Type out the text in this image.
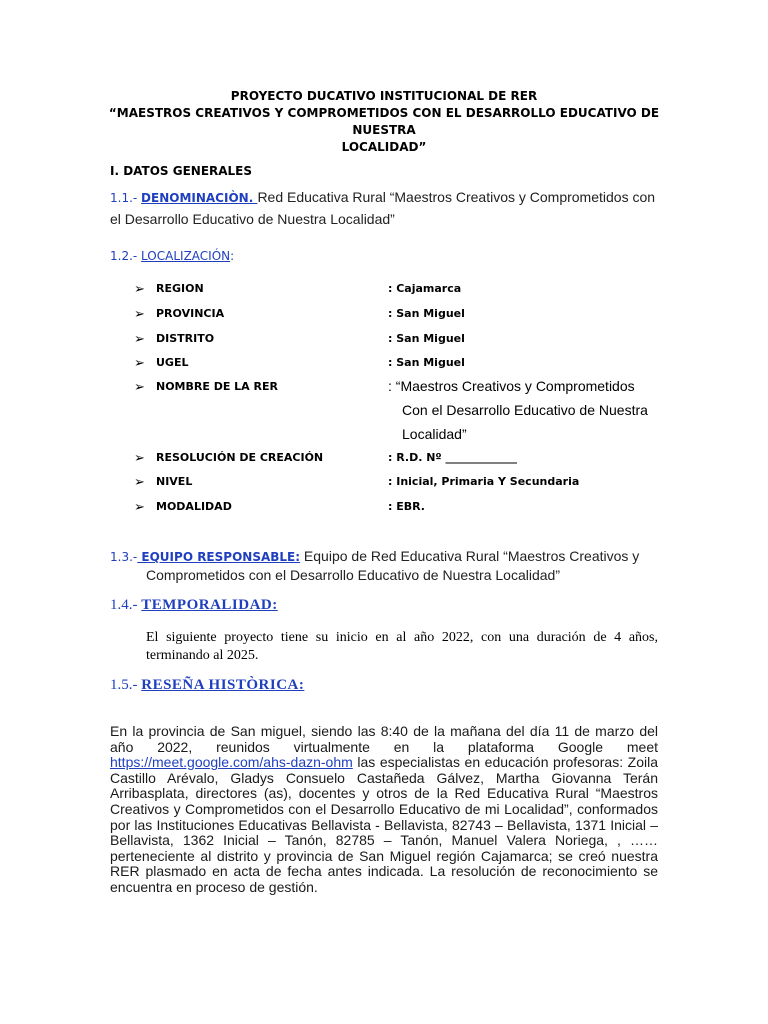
PROYECTO DUCATIVO INSTITUCIONAL DE RER
“MAESTROS CREATIVOS Y COMPROMETIDOS CON EL DESARROLLO EDUCATIVO DE NUESTRA
LOCALIDAD”
I. DATOS GENERALES
1.1.- DENOMINACIÒN. Red Educativa Rural “Maestros Creativos y Comprometidos con
el Desarrollo Educativo de Nuestra Localidad”
1.2.- LOCALIZACIÓN:
➢ REGION	: Cajamarca
➢ PROVINCIA	: San Miguel
➢ DISTRITO	: San Miguel
➢ UGEL	: San Miguel
➢ NOMBRE DE LA RER	: “Maestros Creativos y Comprometidos
Con el Desarrollo Educativo de Nuestra
Localidad”
➢ RESOLUCIÓN DE CREACIÓN	: R.D. Nº _____________
➢ NIVEL	: Inicial, Primaria Y Secundaria
➢ MODALIDAD	: EBR.
1.3.- EQUIPO RESPONSABLE: Equipo de Red Educativa Rural “Maestros Creativos y
Comprometidos con el Desarrollo Educativo de Nuestra Localidad”
1.4.- TEMPORALIDAD:
El siguiente proyecto tiene su inicio en al año 2022, con una duración de 4 años, terminando al 2025.
1.5.- RESEÑA HISTÒRICA:
En la provincia de San miguel, siendo las 8:40 de la mañana del día 11 de marzo del año 2022, reunidos virtualmente en la plataforma Google meet https://meet.google.com/ahs-dazn-ohm las especialistas en educación profesoras: Zoila Castillo Arévalo, Gladys Consuelo Castañeda Gálvez, Martha Giovanna Terán Arribasplata, directores (as), docentes y otros de la Red Educativa Rural “Maestros Creativos y Comprometidos con el Desarrollo Educativo de mi Localidad”, conformados por las Instituciones Educativas Bellavista - Bellavista, 82743 – Bellavista, 1371 Inicial – Bellavista, 1362 Inicial – Tanón, 82785 – Tanón, Manuel Valera Noriega, , …… perteneciente al distrito y provincia de San Miguel región Cajamarca; se creó nuestra RER plasmado en acta de fecha antes indicada. La resolución de reconocimiento se encuentra en proceso de gestión.
